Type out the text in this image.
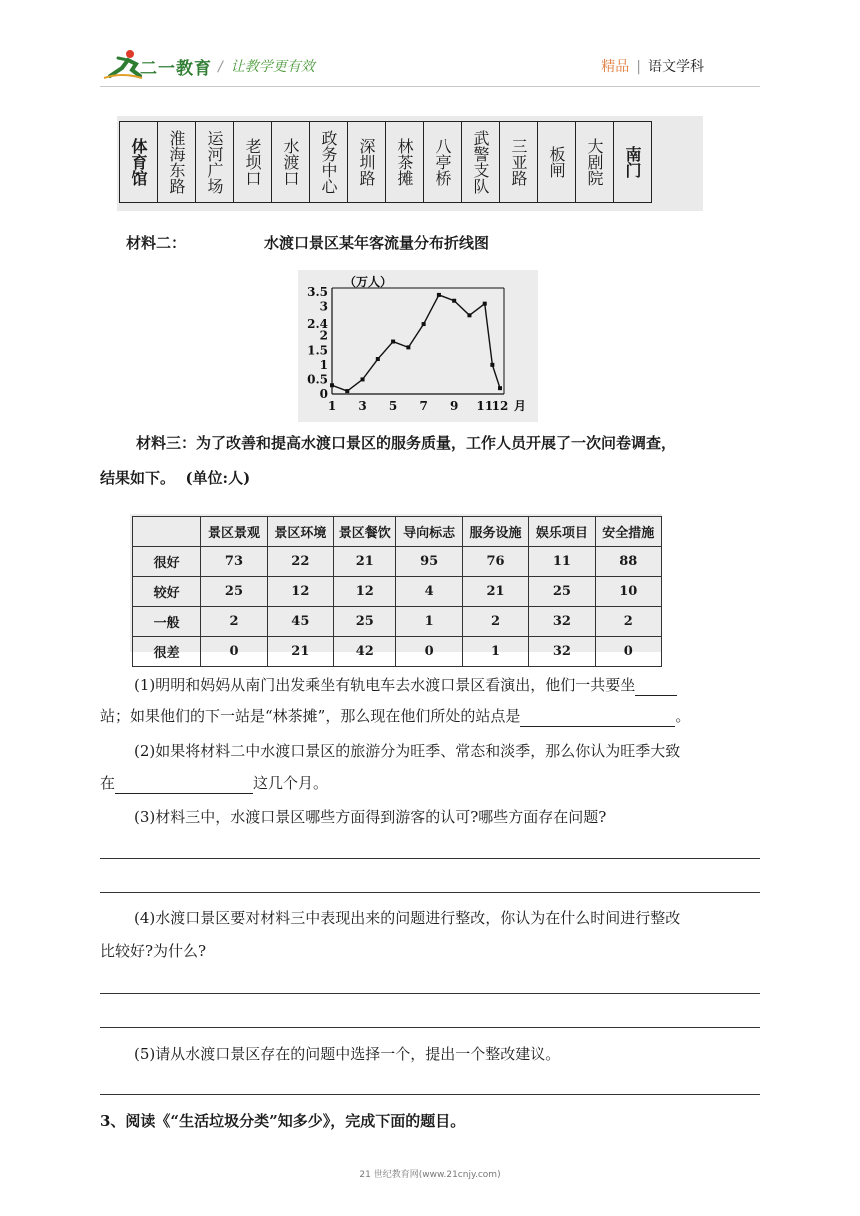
二一教育 / 让教学更有效	精品 | 语文学科
体育馆	淮海东路	运河广场	老坝口	水渡口	政务中心	深圳路	林茶摊	八亭桥	武警支队	三亚路	板闸	大剧院	南门
材料二：	水渡口景区某年客流量分布折线图
（万人）
3.5
3
2.4
2
1.5
1
0.5
0
1 3 5 7 9 11
12 月
材料三：为了改善和提高水渡口景区的服务质量，工作人员开展了一次问卷调查，
结果如下。  (单位:人)
	景区景观	景区环境	景区餐饮	导向标志	服务设施	娱乐项目	安全措施
很好	73	22	21	95	76	11	88
较好	25	12	12	4	21	25	10
一般	2	45	25	1	2	32	2
很差	0	21	42	0	1	32	0
(1)明明和妈妈从南门出发乘坐有轨电车去水渡口景区看演出，他们一共要坐
站；如果他们的下一站是“林茶摊”，那么现在他们所处的站点是	。
(2)如果将材料二中水渡口景区的旅游分为旺季、常态和淡季，那么你认为旺季大致
在	这几个月。
(3)材料三中，水渡口景区哪些方面得到游客的认可?哪些方面存在问题?
(4)水渡口景区要对材料三中表现出来的问题进行整改，你认为在什么时间进行整改
比较好?为什么?
(5)请从水渡口景区存在的问题中选择一个，提出一个整改建议。
3、阅读《“生活垃圾分类”知多少》，完成下面的题目。
21 世纪教育网(www.21cnjy.com)
